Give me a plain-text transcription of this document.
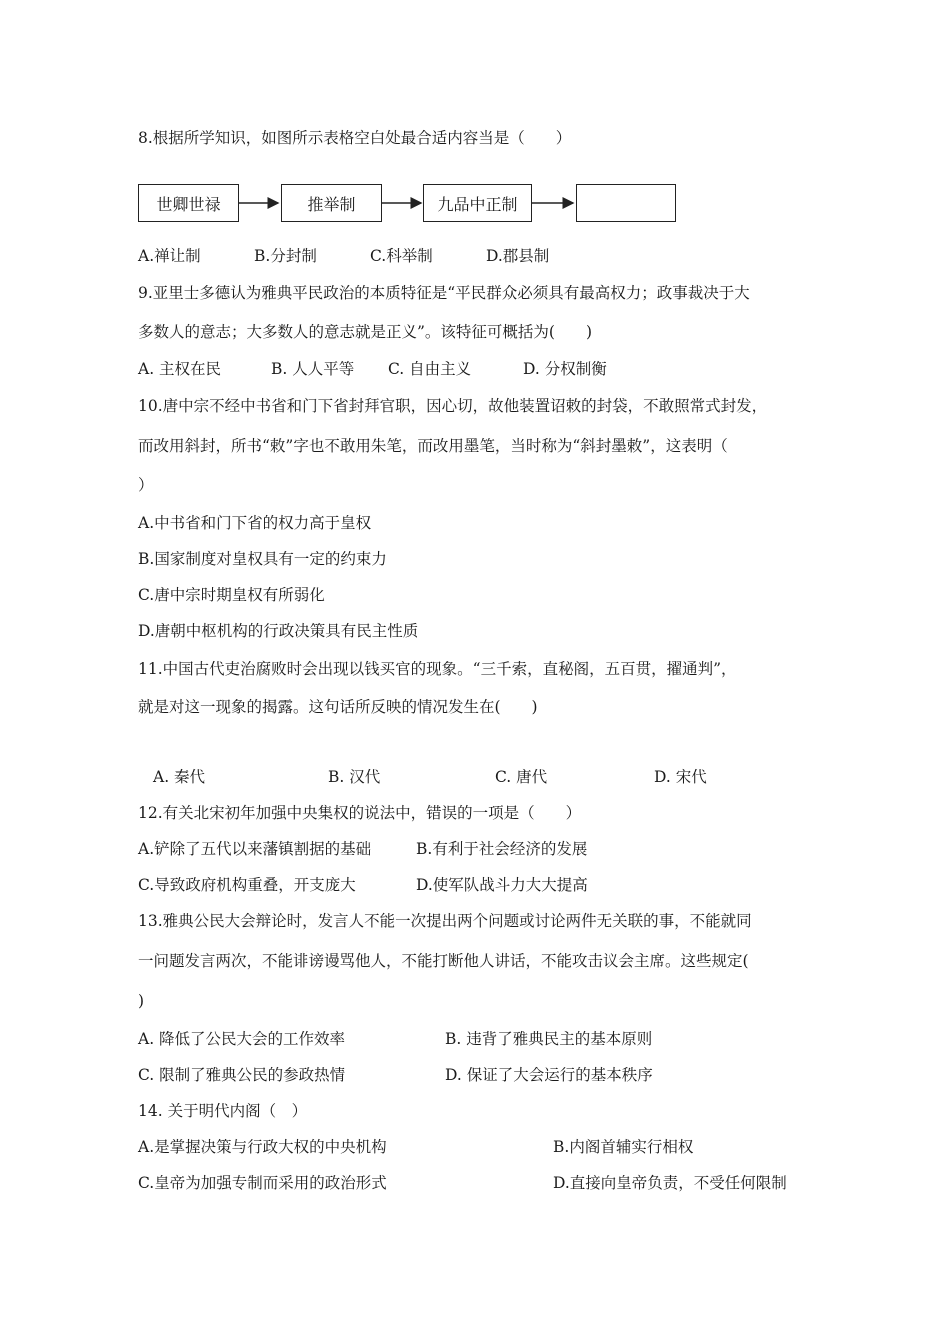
8.根据所学知识，如图所示表格空白处最合适内容当是（　　）
世卿世禄	推举制	九品中正制
A.禅让制	B.分封制	C.科举制	D.郡县制
9.亚里士多德认为雅典平民政治的本质特征是“平民群众必须具有最高权力；政事裁决于大
多数人的意志；大多数人的意志就是正义”。该特征可概括为(　　)
A. 主权在民	B. 人人平等 C. 自由主义	D. 分权制衡
10.唐中宗不经中书省和门下省封拜官职，因心切，故他装置诏敕的封袋，不敢照常式封发，
而改用斜封，所书“敕”字也不敢用朱笔，而改用墨笔，当时称为“斜封墨敕”，这表明（
）
A.中书省和门下省的权力高于皇权
B.国家制度对皇权具有一定的约束力
C.唐中宗时期皇权有所弱化
D.唐朝中枢机构的行政决策具有民主性质
11.中国古代吏治腐败时会出现以钱买官的现象。“三千索，直秘阁，五百贯，擢通判”，
就是对这一现象的揭露。这句话所反映的情况发生在(　　)
A. 秦代	B. 汉代	C. 唐代	D. 宋代
12.有关北宋初年加强中央集权的说法中，错误的一项是（　　）
A.铲除了五代以来藩镇割据的基础	B.有利于社会经济的发展
C.导致政府机构重叠，开支庞大	D.使军队战斗力大大提高
13.雅典公民大会辩论时，发言人不能一次提出两个问题或讨论两件无关联的事，不能就同
一问题发言两次，不能诽谤谩骂他人，不能打断他人讲话，不能攻击议会主席。这些规定(
)
A. 降低了公民大会的工作效率	B. 违背了雅典民主的基本原则
C. 限制了雅典公民的参政热情	D. 保证了大会运行的基本秩序
14. 关于明代内阁（　）
A.是掌握决策与行政大权的中央机构	B.内阁首辅实行相权
C.皇帝为加强专制而采用的政治形式	D.直接向皇帝负责，不受任何限制
